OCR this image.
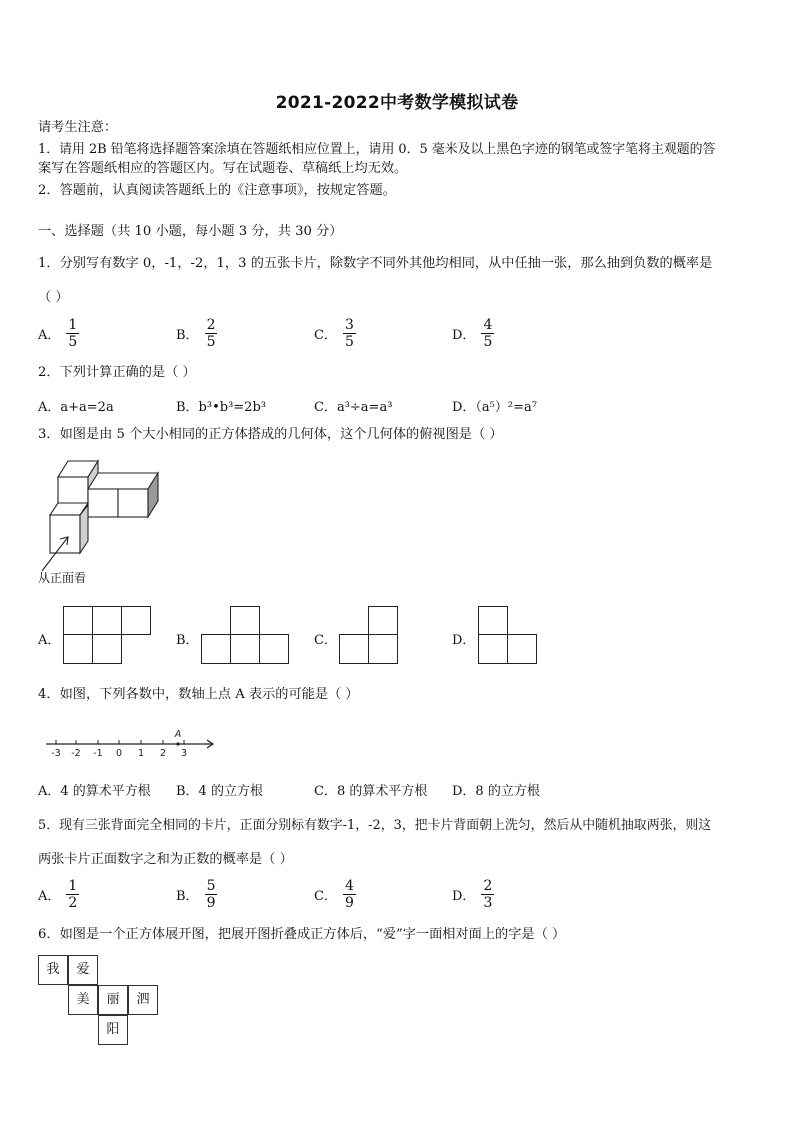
2021-2022中考数学模拟试卷
请考生注意：
1．请用 2B 铅笔将选择题答案涂填在答题纸相应位置上，请用 0．5 毫米及以上黑色字迹的钢笔或签字笔将主观题的答
案写在答题纸相应的答题区内。写在试题卷、草稿纸上均无效。
2．答题前，认真阅读答题纸上的《注意事项》，按规定答题。
一、选择题（共 10 小题，每小题 3 分，共 30 分）
1．分别写有数字 0，-1，-2，1，3 的五张卡片，除数字不同外其他均相同，从中任抽一张，那么抽到负数的概率是
（ ）
A． $\frac{1}{5}$	B． $\frac{2}{5}$	C． $\frac{3}{5}$	D． $\frac{4}{5}$
2．下列计算正确的是（ ）
A．a+a=2a	B．b³•b³=2b³	C．a³÷a=a³	D．（a⁵）²=a⁷
3．如图是由 5 个大小相同的正方体搭成的几何体，这个几何体的俯视图是（ ）
从正面看
A．	B．	C．	D．
4．如图，下列各数中，数轴上点 A 表示的可能是（ ）
-3 -2 -1 0 1 2 3
A
A．4 的算术平方根 B．4 的立方根	C．8 的算术平方根 D．8 的立方根
5．现有三张背面完全相同的卡片，正面分别标有数字-1，-2，3，把卡片背面朝上洗匀，然后从中随机抽取两张，则这
两张卡片正面数字之和为正数的概率是（ ）
A． $\frac{1}{2}$	B． $\frac{5}{9}$	C． $\frac{4}{9}$	D． $\frac{2}{3}$
6．如图是一个正方体展开图，把展开图折叠成正方体后，“爱”字一面相对面上的字是（ ）
我	爱
美	丽	泗
阳
